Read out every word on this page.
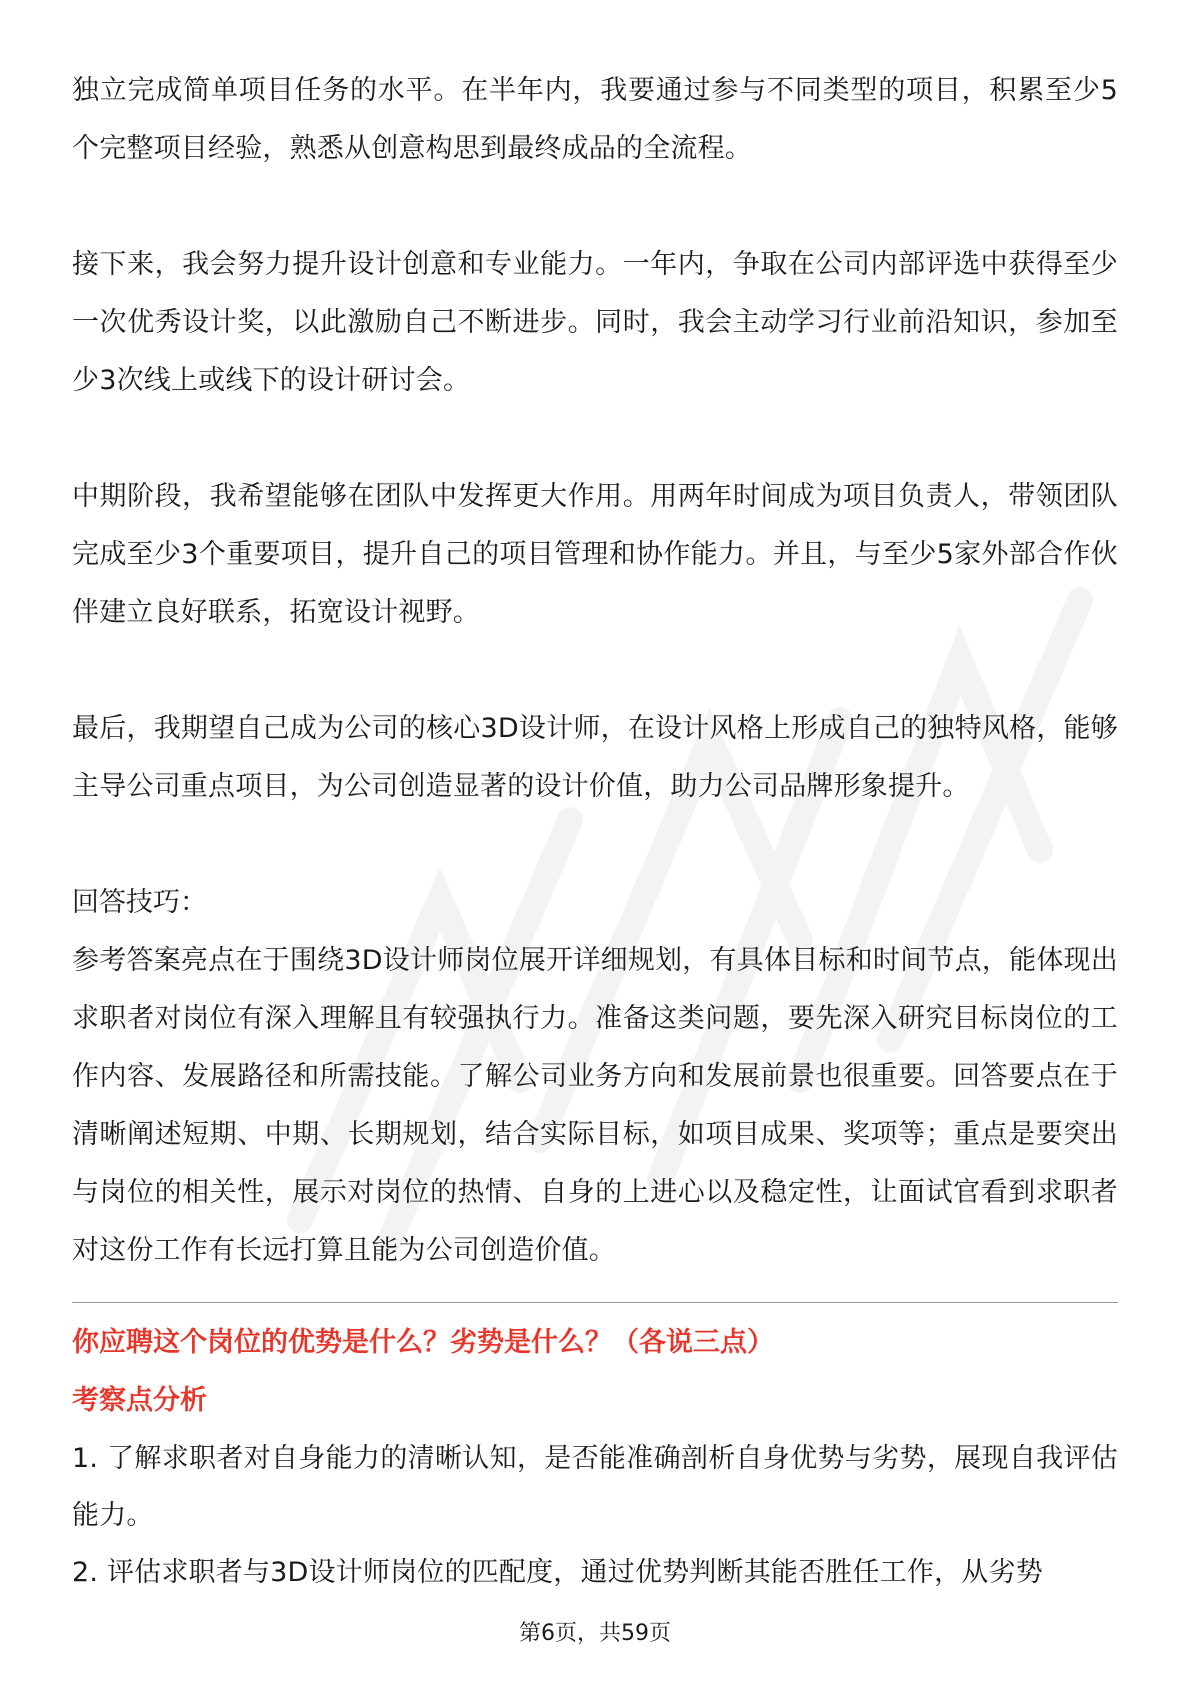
独立完成简单项目任务的水平。在半年内，我要通过参与不同类型的项目，积累至少5个完整项目经验，熟悉从创意构思到最终成品的全流程。

接下来，我会努力提升设计创意和专业能力。一年内，争取在公司内部评选中获得至少一次优秀设计奖，以此激励自己不断进步。同时，我会主动学习行业前沿知识，参加至少3次线上或线下的设计研讨会。

中期阶段，我希望能够在团队中发挥更大作用。用两年时间成为项目负责人，带领团队完成至少3个重要项目，提升自己的项目管理和协作能力。并且，与至少5家外部合作伙伴建立良好联系，拓宽设计视野。

最后，我期望自己成为公司的核心3D设计师，在设计风格上形成自己的独特风格，能够主导公司重点项目，为公司创造显著的设计价值，助力公司品牌形象提升。

回答技巧：

参考答案亮点在于围绕3D设计师岗位展开详细规划，有具体目标和时间节点，能体现出求职者对岗位有深入理解且有较强执行力。准备这类问题，要先深入研究目标岗位的工作内容、发展路径和所需技能。了解公司业务方向和发展前景也很重要。回答要点在于清晰阐述短期、中期、长期规划，结合实际目标，如项目成果、奖项等；重点是要突出与岗位的相关性，展示对岗位的热情、自身的上进心以及稳定性，让面试官看到求职者对这份工作有长远打算且能为公司创造价值。

你应聘这个岗位的优势是什么？劣势是什么？（各说三点）

考察点分析

1. 了解求职者对自身能力的清晰认知，是否能准确剖析自身优势与劣势，展现自我评估能力。

2. 评估求职者与3D设计师岗位的匹配度，通过优势判断其能否胜任工作，从劣势

第6页，共59页
